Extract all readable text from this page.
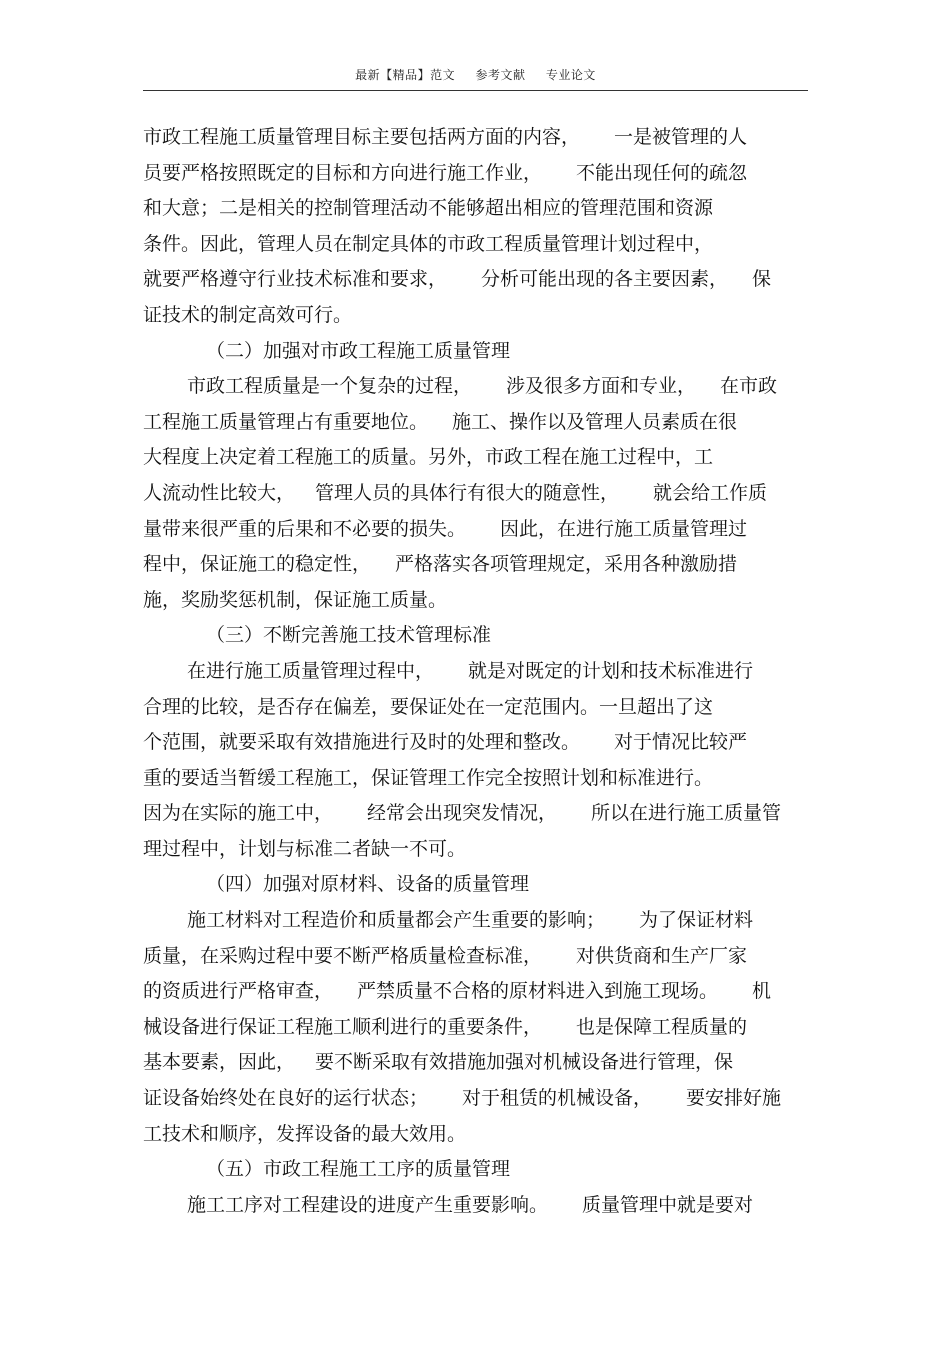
最新【精品】范文 参考文献 专业论文
市政工程施工质量管理目标主要包括两方面的内容， 一是被管理的人
员要严格按照既定的目标和方向进行施工作业， 不能出现任何的疏忽
和大意；二是相关的控制管理活动不能够超出相应的管理范围和资源
条件。因此，管理人员在制定具体的市政工程质量管理计划过程中，
就要严格遵守行业技术标准和要求， 分析可能出现的各主要因素， 保
证技术的制定高效可行。
（二）加强对市政工程施工质量管理
市政工程质量是一个复杂的过程， 涉及很多方面和专业， 在市政
工程施工质量管理占有重要地位。 施工、操作以及管理人员素质在很
大程度上决定着工程施工的质量。另外，市政工程在施工过程中，工
人流动性比较大， 管理人员的具体行有很大的随意性， 就会给工作质
量带来很严重的后果和不必要的损失。 因此，在进行施工质量管理过
程中，保证施工的稳定性， 严格落实各项管理规定，采用各种激励措
施，奖励奖惩机制，保证施工质量。
（三）不断完善施工技术管理标准
在进行施工质量管理过程中， 就是对既定的计划和技术标准进行
合理的比较，是否存在偏差，要保证处在一定范围内。一旦超出了这
个范围，就要采取有效措施进行及时的处理和整改。 对于情况比较严
重的要适当暂缓工程施工，保证管理工作完全按照计划和标准进行。
因为在实际的施工中， 经常会出现突发情况， 所以在进行施工质量管
理过程中，计划与标准二者缺一不可。
（四）加强对原材料、设备的质量管理
施工材料对工程造价和质量都会产生重要的影响； 为了保证材料
质量，在采购过程中要不断严格质量检查标准， 对供货商和生产厂家
的资质进行严格审查， 严禁质量不合格的原材料进入到施工现场。 机
械设备进行保证工程施工顺利进行的重要条件， 也是保障工程质量的
基本要素，因此， 要不断采取有效措施加强对机械设备进行管理，保
证设备始终处在良好的运行状态； 对于租赁的机械设备， 要安排好施
工技术和顺序，发挥设备的最大效用。
（五）市政工程施工工序的质量管理
施工工序对工程建设的进度产生重要影响。 质量管理中就是要对
